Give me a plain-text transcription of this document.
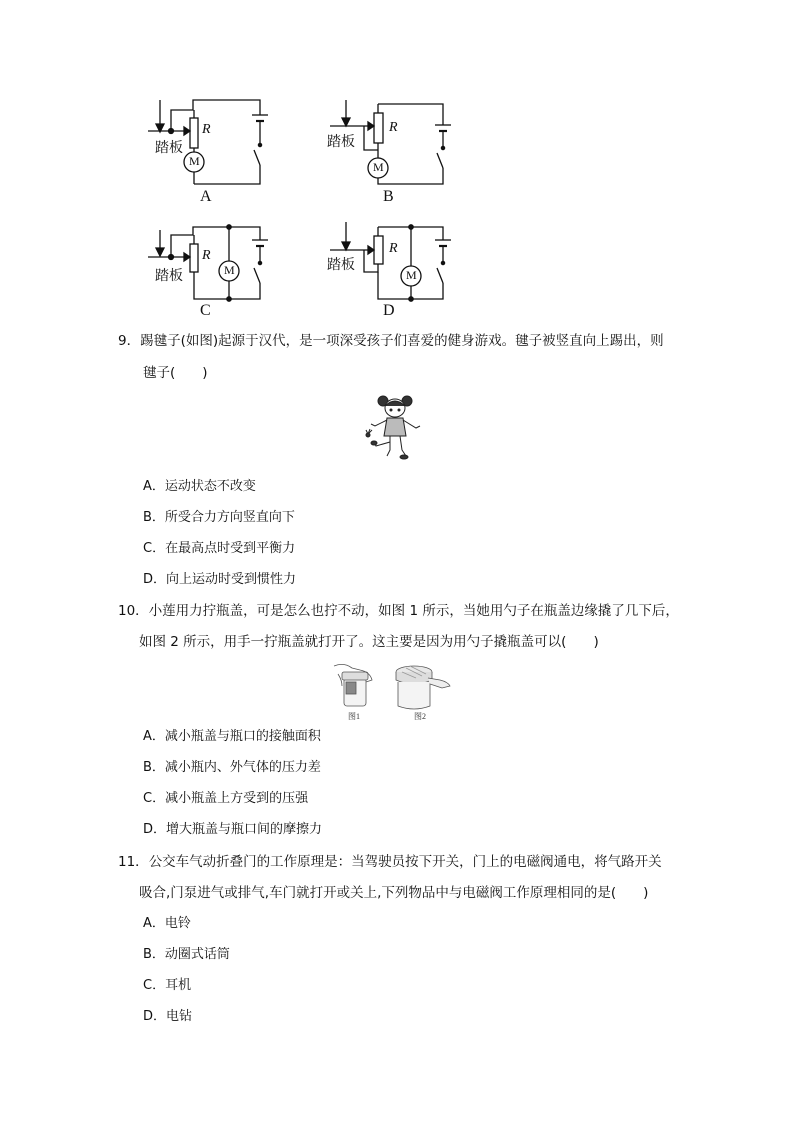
踏板
R
M
A
踏板
R
M
B
踏板
R
M
C
踏板
R
M
D
9．踢毽子(如图)起源于汉代，是一项深受孩子们喜爱的健身游戏。毽子被竖直向上踢出，则
毽子(　　)
A．运动状态不改变
B．所受合力方向竖直向下
C．在最高点时受到平衡力
D．向上运动时受到惯性力
10．小莲用力拧瓶盖，可是怎么也拧不动，如图 1 所示，当她用勺子在瓶盖边缘撬了几下后，
如图 2 所示，用手一拧瓶盖就打开了。这主要是因为用勺子撬瓶盖可以(　　)
图1	图2
A．减小瓶盖与瓶口的接触面积
B．减小瓶内、外气体的压力差
C．减小瓶盖上方受到的压强
D．增大瓶盖与瓶口间的摩擦力
11．公交车气动折叠门的工作原理是：当驾驶员按下开关，门上的电磁阀通电，将气路开关
吸合,门泵进气或排气,车门就打开或关上,下列物品中与电磁阀工作原理相同的是(　　)
A．电铃
B．动圈式话筒
C．耳机
D．电钻
